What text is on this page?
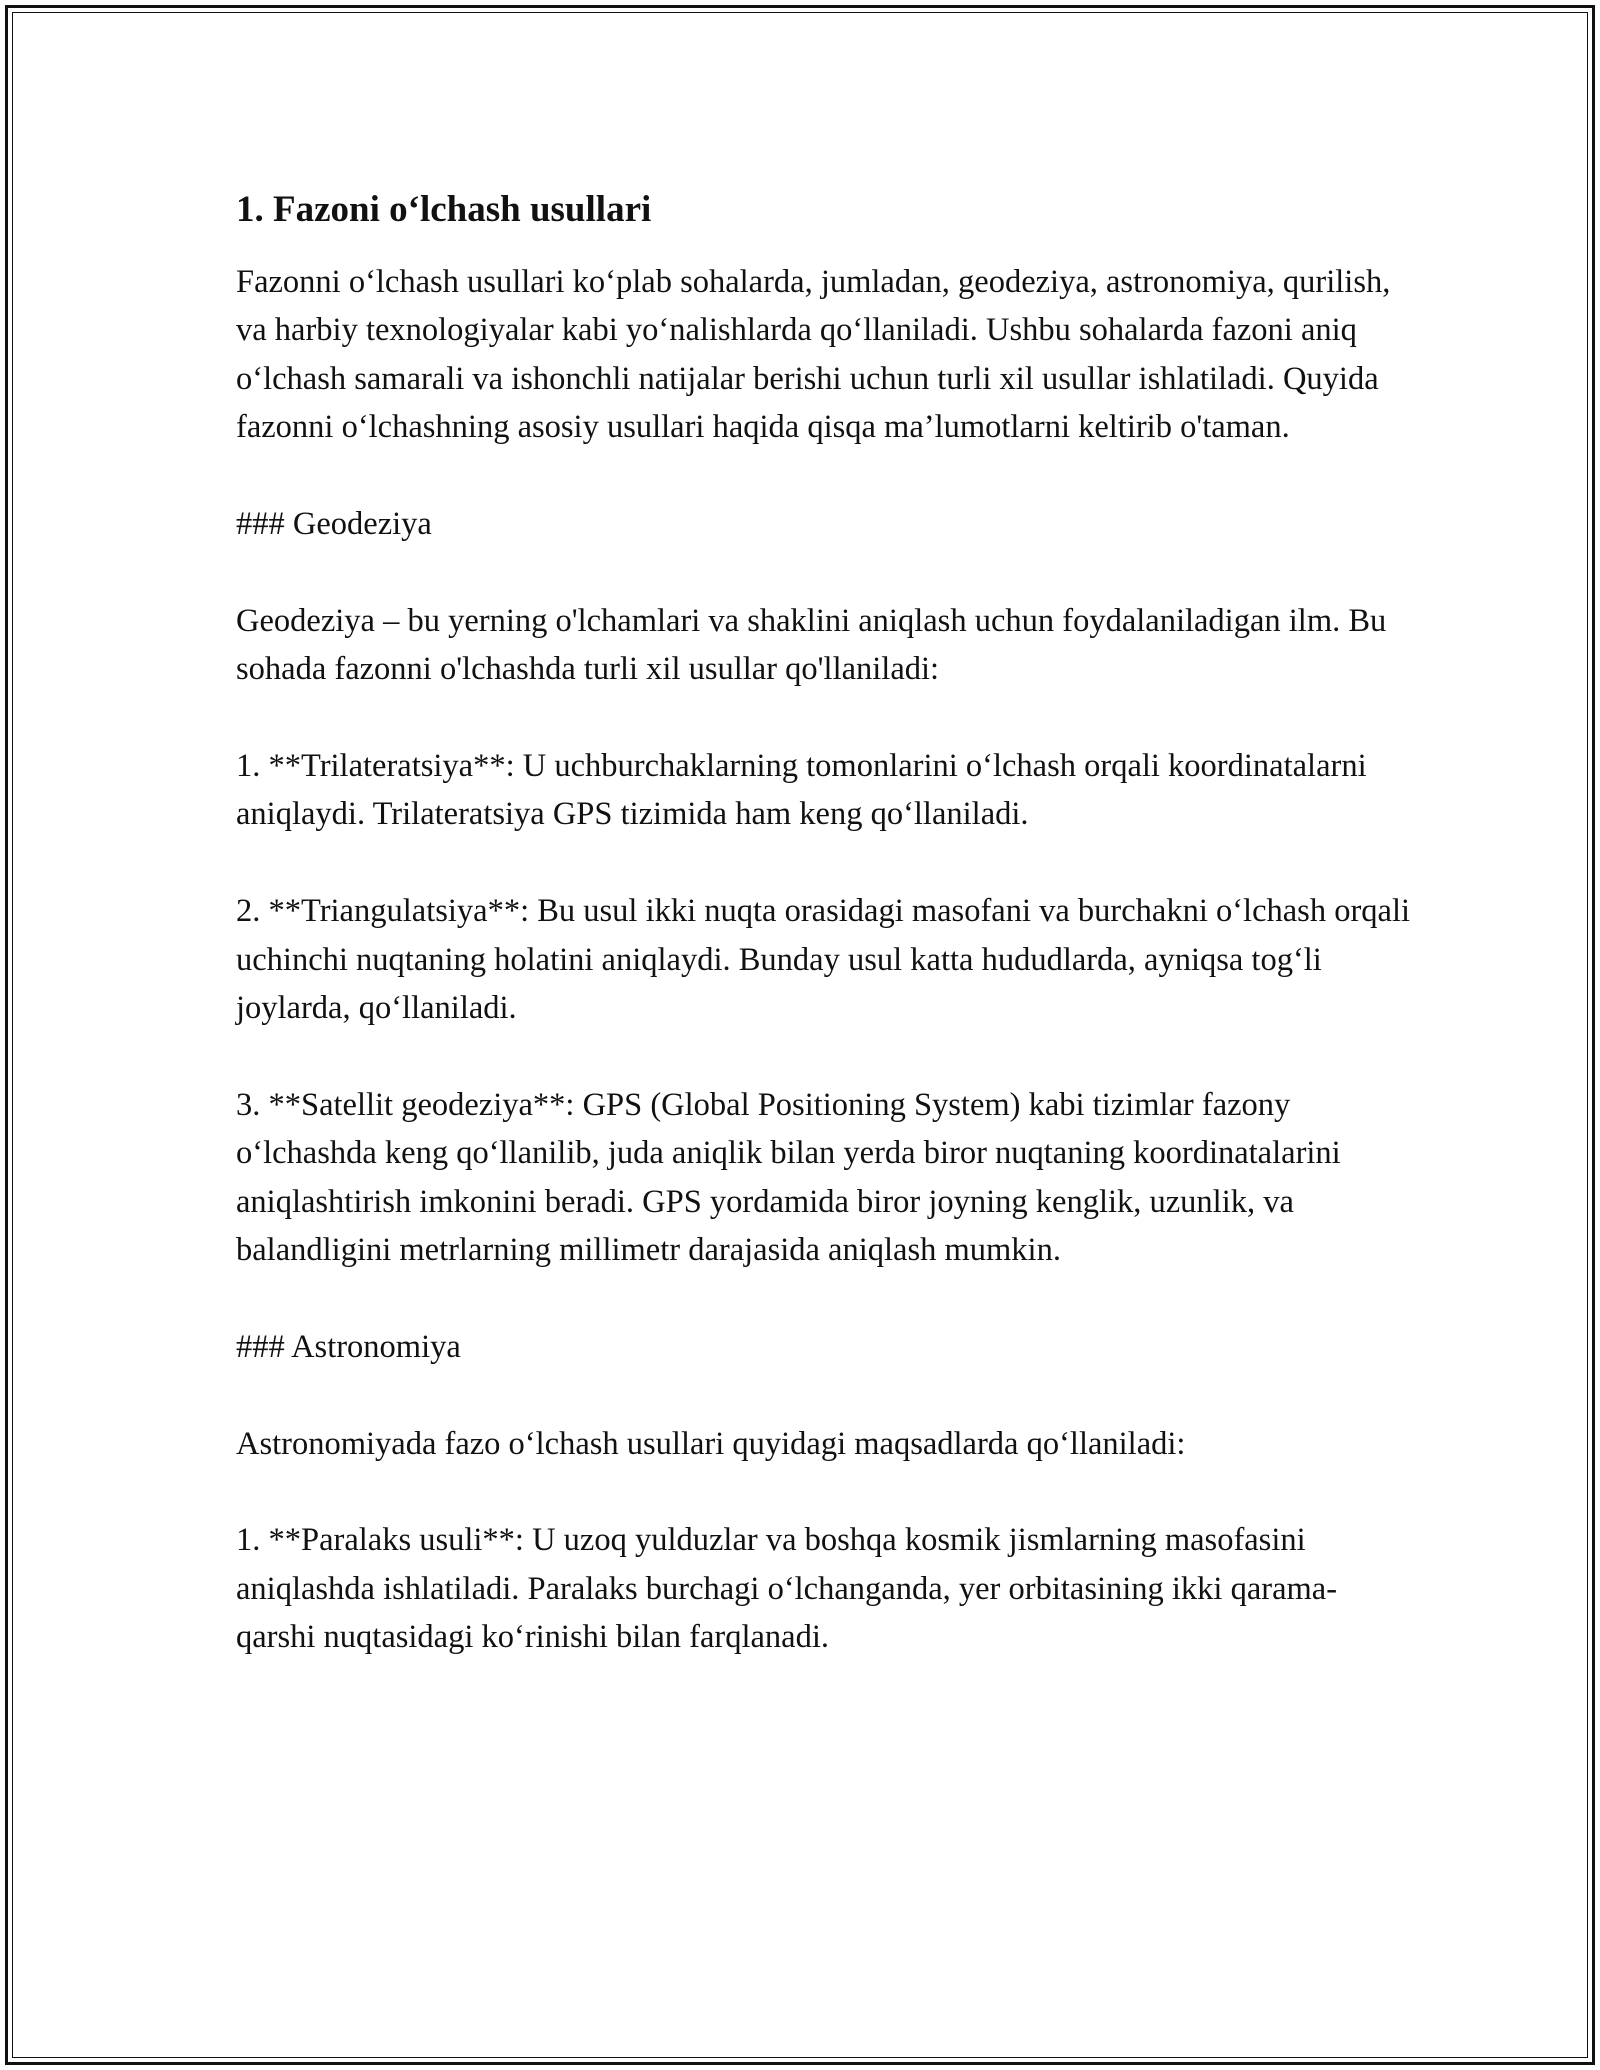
1. Fazoni o‘lchash usullari

Fazonni o‘lchash usullari ko‘plab sohalarda, jumladan, geodeziya, astronomiya, qurilish, va harbiy texnologiyalar kabi yo‘nalishlarda qo‘llaniladi. Ushbu sohalarda fazoni aniq o‘lchash samarali va ishonchli natijalar berishi uchun turli xil usullar ishlatiladi. Quyida fazonni o‘lchashning asosiy usullari haqida qisqa ma’lumotlarni keltirib o'taman.

### Geodeziya

Geodeziya – bu yerning o'lchamlari va shaklini aniqlash uchun foydalaniladigan ilm. Bu sohada fazonni o'lchashda turli xil usullar qo'llaniladi:

1. **Trilateratsiya**: U uchburchaklarning tomonlarini o‘lchash orqali koordinatalarni aniqlaydi. Trilateratsiya GPS tizimida ham keng qo‘llaniladi.

2. **Triangulatsiya**: Bu usul ikki nuqta orasidagi masofani va burchakni o‘lchash orqali uchinchi nuqtaning holatini aniqlaydi. Bunday usul katta hududlarda, ayniqsa tog‘li joylarda, qo‘llaniladi.

3. **Satellit geodeziya**: GPS (Global Positioning System) kabi tizimlar fazony o‘lchashda keng qo‘llanilib, juda aniqlik bilan yerda biror nuqtaning koordinatalarini aniqlashtirish imkonini beradi. GPS yordamida biror joyning kenglik, uzunlik, va balandligini metrlarning millimetr darajasida aniqlash mumkin.

### Astronomiya

Astronomiyada fazo o‘lchash usullari quyidagi maqsadlarda qo‘llaniladi:

1. **Paralaks usuli**: U uzoq yulduzlar va boshqa kosmik jismlarning masofasini aniqlashda ishlatiladi. Paralaks burchagi o‘lchanganda, yer orbitasining ikki qarama-qarshi nuqtasidagi ko‘rinishi bilan farqlanadi.
